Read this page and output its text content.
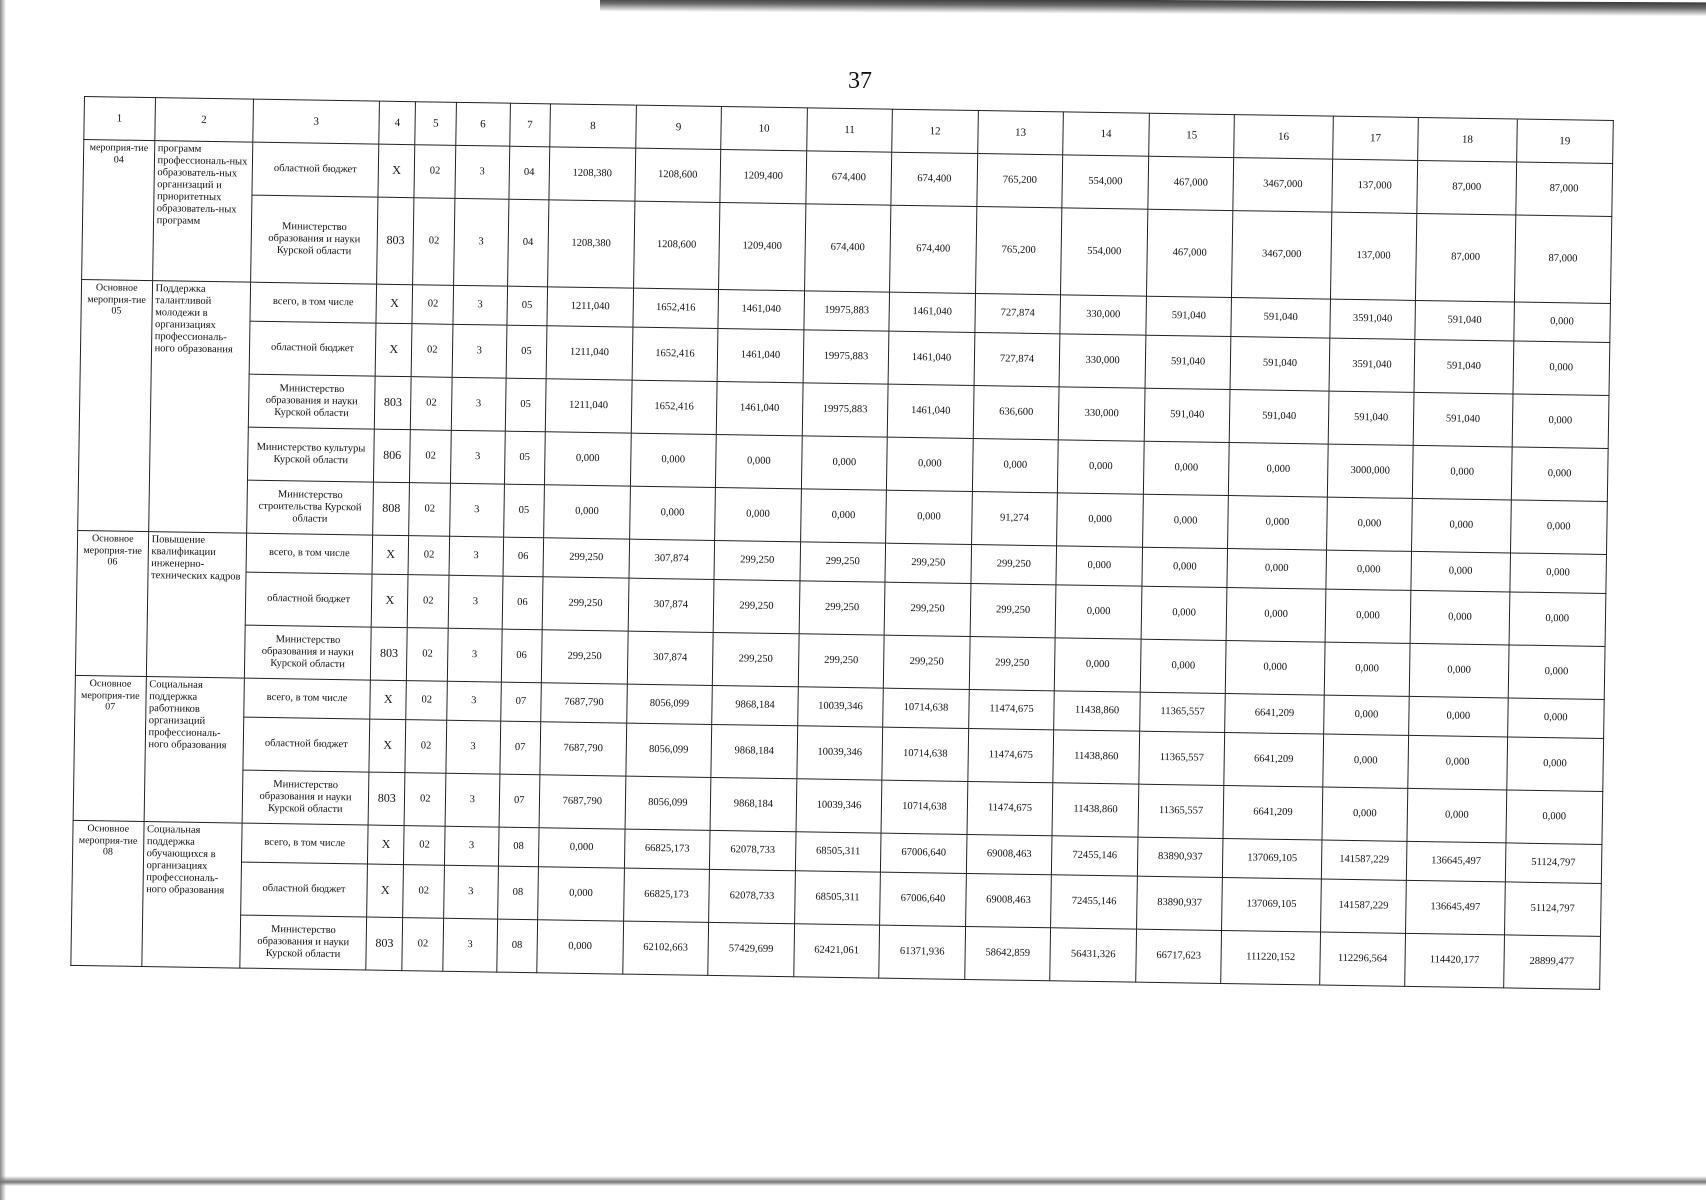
37
1	2	3	4	5	6	7	8	9	10	11	12	13	14	15	16	17	18	19
мероприя-тие 04	программ профессиональ-ных образователь-ных организаций и приоритетных образователь-ных программ	областной бюджет	X	02	3	04	1208,380	1208,600	1209,400	674,400	674,400	765,200	554,000	467,000	3467,000	137,000	87,000	87,000
		Министерство образования и науки Курской области	803	02	3	04	1208,380	1208,600	1209,400	674,400	674,400	765,200	554,000	467,000	3467,000	137,000	87,000	87,000
Основное мероприя-тие 05	Поддержка талантливой молодежи в организациях профессиональ-ного образования	всего, в том числе	X	02	3	05	1211,040	1652,416	1461,040	19975,883	1461,040	727,874	330,000	591,040	591,040	3591,040	591,040	0,000
		областной бюджет	X	02	3	05	1211,040	1652,416	1461,040	19975,883	1461,040	727,874	330,000	591,040	591,040	3591,040	591,040	0,000
		Министерство образования и науки Курской области	803	02	3	05	1211,040	1652,416	1461,040	19975,883	1461,040	636,600	330,000	591,040	591,040	591,040	591,040	0,000
		Министерство культуры Курской области	806	02	3	05	0,000	0,000	0,000	0,000	0,000	0,000	0,000	0,000	0,000	3000,000	0,000	0,000
		Министерство строительства Курской области	808	02	3	05	0,000	0,000	0,000	0,000	0,000	91,274	0,000	0,000	0,000	0,000	0,000	0,000
Основное мероприя-тие 06	Повышение квалификации инженерно-технических кадров	всего, в том числе	X	02	3	06	299,250	307,874	299,250	299,250	299,250	299,250	0,000	0,000	0,000	0,000	0,000	0,000
		областной бюджет	X	02	3	06	299,250	307,874	299,250	299,250	299,250	299,250	0,000	0,000	0,000	0,000	0,000	0,000
		Министерство образования и науки Курской области	803	02	3	06	299,250	307,874	299,250	299,250	299,250	299,250	0,000	0,000	0,000	0,000	0,000	0,000
Основное мероприя-тие 07	Социальная поддержка работников организаций профессиональ-ного образования	всего, в том числе	X	02	3	07	7687,790	8056,099	9868,184	10039,346	10714,638	11474,675	11438,860	11365,557	6641,209	0,000	0,000	0,000
		областной бюджет	X	02	3	07	7687,790	8056,099	9868,184	10039,346	10714,638	11474,675	11438,860	11365,557	6641,209	0,000	0,000	0,000
		Министерство образования и науки Курской области	803	02	3	07	7687,790	8056,099	9868,184	10039,346	10714,638	11474,675	11438,860	11365,557	6641,209	0,000	0,000	0,000
Основное мероприя-тие 08	Социальная поддержка обучающихся в организациях профессиональ-ного образования	всего, в том числе	X	02	3	08	0,000	66825,173	62078,733	68505,311	67006,640	69008,463	72455,146	83890,937	137069,105	141587,229	136645,497	51124,797
		областной бюджет	X	02	3	08	0,000	66825,173	62078,733	68505,311	67006,640	69008,463	72455,146	83890,937	137069,105	141587,229	136645,497	51124,797
		Министерство образования и науки Курской области	803	02	3	08	0,000	62102,663	57429,699	62421,061	61371,936	58642,859	56431,326	66717,623	111220,152	112296,564	114420,177	28899,477
